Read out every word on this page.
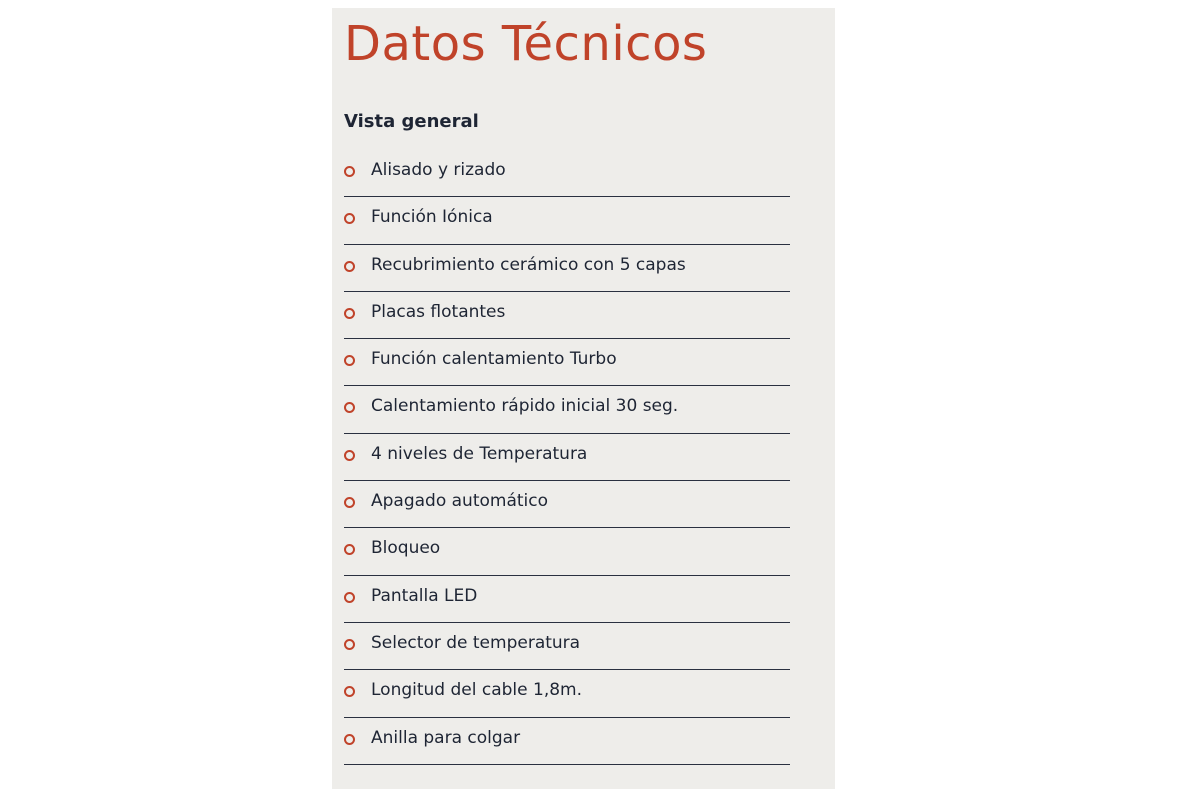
Datos Técnicos
Vista general
Alisado y rizado
Función Iónica
Recubrimiento cerámico con 5 capas
Placas flotantes
Función calentamiento Turbo
Calentamiento rápido inicial 30 seg.
4 niveles de Temperatura
Apagado automático
Bloqueo
Pantalla LED
Selector de temperatura
Longitud del cable 1,8m.
Anilla para colgar
